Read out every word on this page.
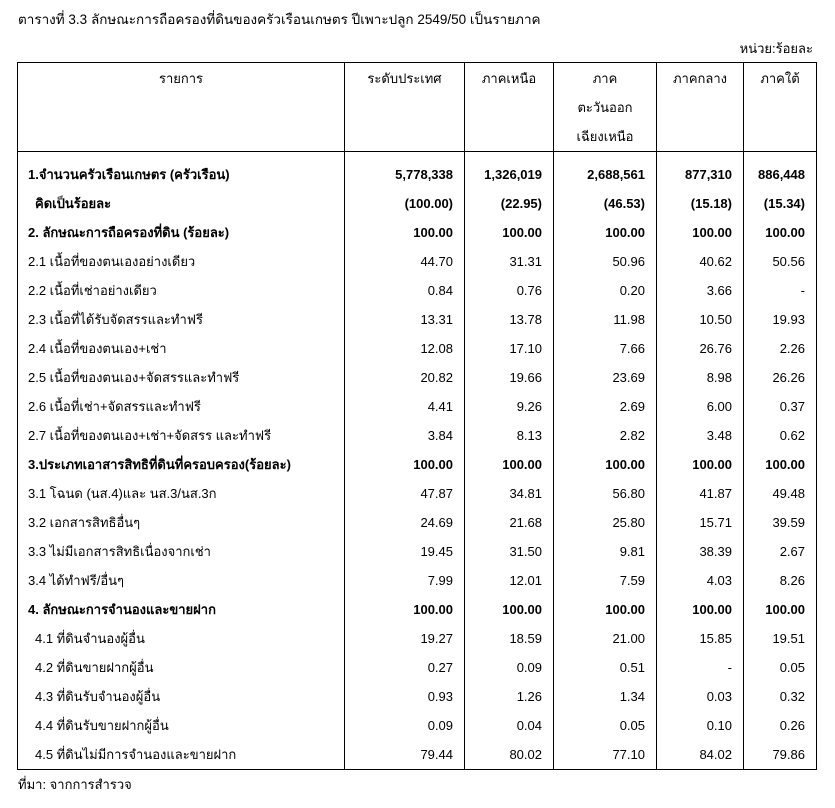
ตารางที่ 3.3 ลักษณะการถือครองที่ดินของครัวเรือนเกษตร ปีเพาะปลูก 2549/50 เป็นรายภาค
หน่วย:ร้อยละ
รายการ	ระดับประเทศ	ภาคเหนือ	ภาค
ตะวันออก
เฉียงเหนือ	ภาคกลาง	ภาคใต้
1.จำนวนครัวเรือนเกษตร (ครัวเรือน)	5,778,338	1,326,019	2,688,561	877,310	886,448
คิดเป็นร้อยละ	(100.00)	(22.95)	(46.53)	(15.18)	(15.34)
2. ลักษณะการถือครองที่ดิน (ร้อยละ)	100.00	100.00	100.00	100.00	100.00
2.1 เนื้อที่ของตนเองอย่างเดียว	44.70	31.31	50.96	40.62	50.56
2.2 เนื้อที่เช่าอย่างเดียว	0.84	0.76	0.20	3.66	-
2.3 เนื้อที่ได้รับจัดสรรและทำฟรี	13.31	13.78	11.98	10.50	19.93
2.4 เนื้อที่ของตนเอง+เช่า	12.08	17.10	7.66	26.76	2.26
2.5 เนื้อที่ของตนเอง+จัดสรรและทำฟรี	20.82	19.66	23.69	8.98	26.26
2.6 เนื้อที่เช่า+จัดสรรและทำฟรี	4.41	9.26	2.69	6.00	0.37
2.7 เนื้อที่ของตนเอง+เช่า+จัดสรร และทำฟรี	3.84	8.13	2.82	3.48	0.62
3.ประเภทเอาสารสิทธิที่ดินที่ครอบครอง(ร้อยละ)	100.00	100.00	100.00	100.00	100.00
3.1 โฉนด (นส.4)และ นส.3/นส.3ก	47.87	34.81	56.80	41.87	49.48
3.2 เอกสารสิทธิอื่นๆ	24.69	21.68	25.80	15.71	39.59
3.3 ไม่มีเอกสารสิทธิเนื่องจากเช่า	19.45	31.50	9.81	38.39	2.67
3.4 ได้ทำฟรี/อื่นๆ	7.99	12.01	7.59	4.03	8.26
4. ลักษณะการจำนองและขายฝาก	100.00	100.00	100.00	100.00	100.00
4.1 ที่ดินจำนองผู้อื่น	19.27	18.59	21.00	15.85	19.51
4.2 ที่ดินขายฝากผู้อื่น	0.27	0.09	0.51	-	0.05
4.3 ที่ดินรับจำนองผู้อื่น	0.93	1.26	1.34	0.03	0.32
4.4 ที่ดินรับขายฝากผู้อื่น	0.09	0.04	0.05	0.10	0.26
4.5 ที่ดินไม่มีการจำนองและขายฝาก	79.44	80.02	77.10	84.02	79.86
ที่มา: จากการสำรวจ
